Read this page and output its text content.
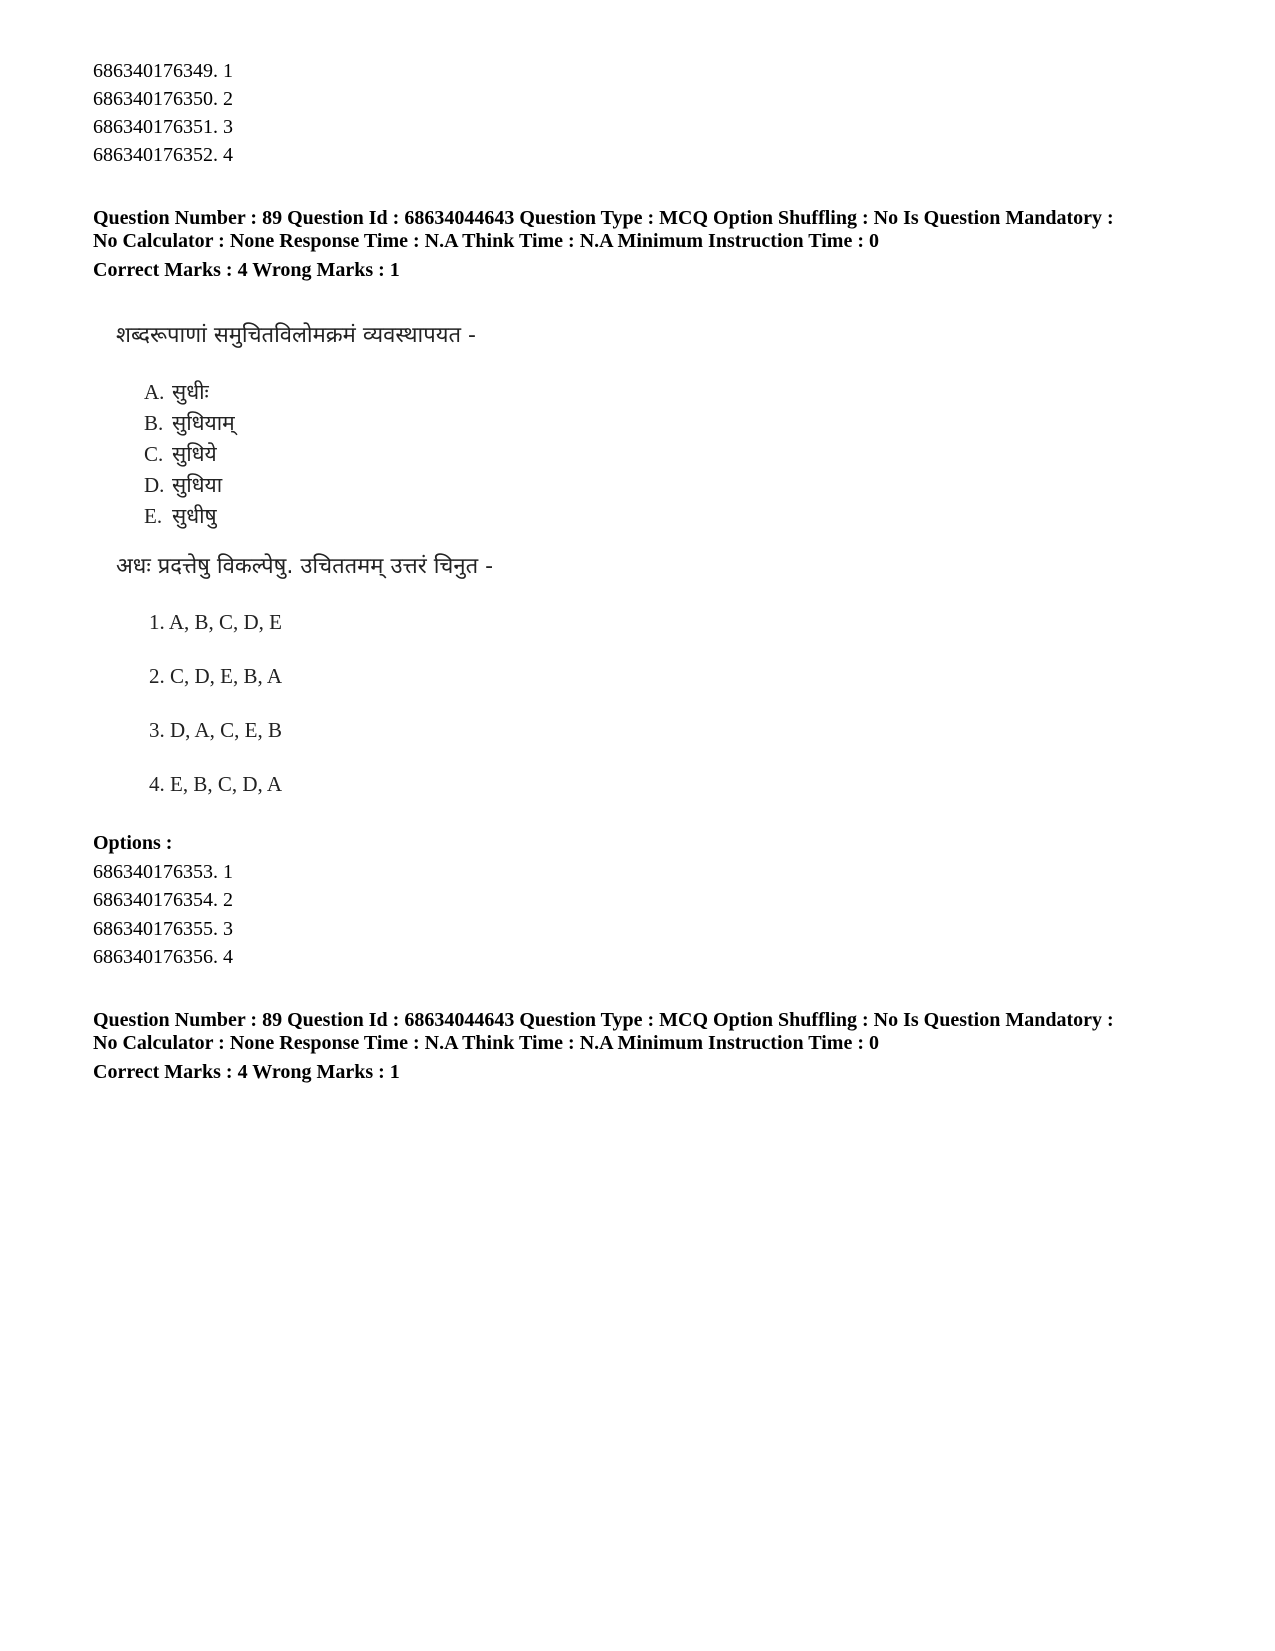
686340176349. 1
686340176350. 2
686340176351. 3
686340176352. 4
Question Number : 89 Question Id : 68634044643 Question Type : MCQ Option Shuffling : No Is Question Mandatory :
No Calculator : None Response Time : N.A Think Time : N.A Minimum Instruction Time : 0
Correct Marks : 4 Wrong Marks : 1
शब्दरूपाणां समुचितविलोमक्रमं व्यवस्थापयत -
A. सुधीः
B. सुधियाम्
C. सुधिये
D. सुधिया
E. सुधीषु
अधः प्रदत्तेषु विकल्पेषु. उचिततमम् उत्तरं चिनुत -
1. A, B, C, D, E
2. C, D, E, B, A
3. D, A, C, E, B
4. E, B, C, D, A
Options :
686340176353. 1
686340176354. 2
686340176355. 3
686340176356. 4
Question Number : 89 Question Id : 68634044643 Question Type : MCQ Option Shuffling : No Is Question Mandatory :
No Calculator : None Response Time : N.A Think Time : N.A Minimum Instruction Time : 0
Correct Marks : 4 Wrong Marks : 1
